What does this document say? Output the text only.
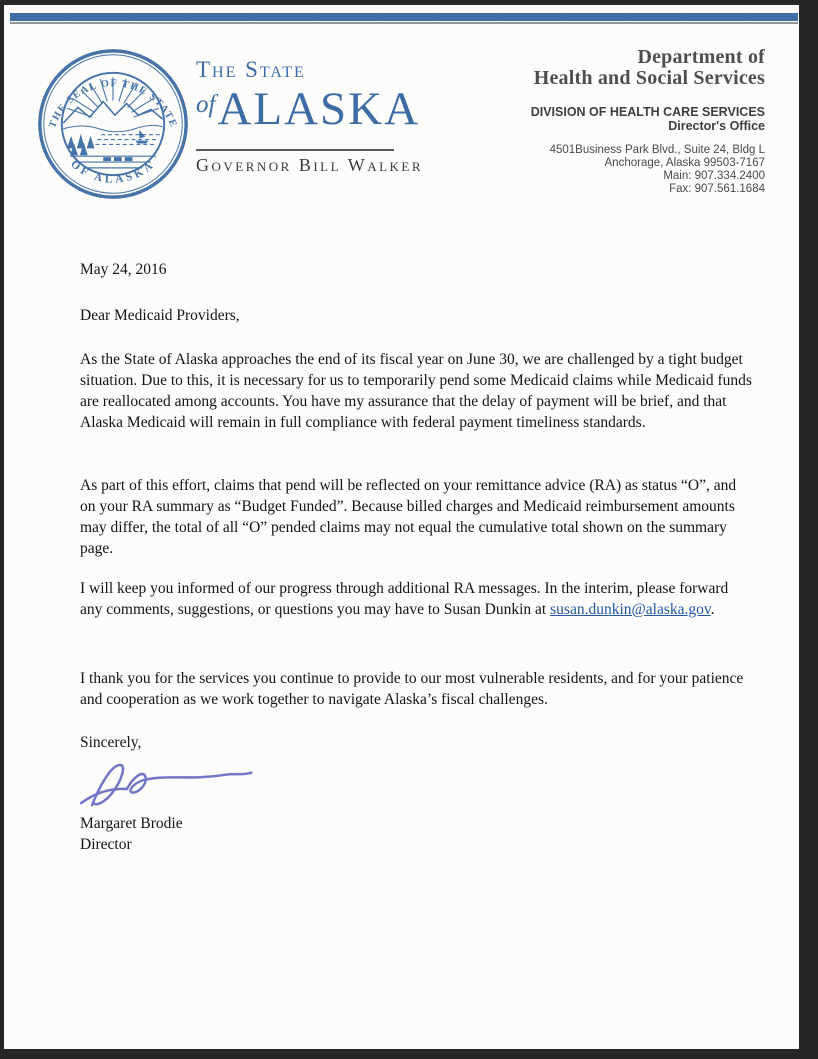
THE SEAL OF THE STATE
OF ALASKA
The State
ofALASKA
Governor Bill Walker
Department of
Health and Social Services
DIVISION OF HEALTH CARE SERVICES
Director's Office
4501Business Park Blvd., Suite 24, Bldg L
Anchorage, Alaska 99503-7167
Main: 907.334.2400
Fax: 907.561.1684
May 24, 2016
Dear Medicaid Providers,
As the State of Alaska approaches the end of its fiscal year on June 30, we are challenged by a tight budget situation. Due to this, it is necessary for us to temporarily pend some Medicaid claims while Medicaid funds are reallocated among accounts. You have my assurance that the delay of payment will be brief, and that Alaska Medicaid will remain in full compliance with federal payment timeliness standards.
As part of this effort, claims that pend will be reflected on your remittance advice (RA) as status “O”, and on your RA summary as “Budget Funded”. Because billed charges and Medicaid reimbursement amounts may differ, the total of all “O” pended claims may not equal the cumulative total shown on the summary page.
I will keep you informed of our progress through additional RA messages. In the interim, please forward any comments, suggestions, or questions you may have to Susan Dunkin at susan.dunkin@alaska.gov.
I thank you for the services you continue to provide to our most vulnerable residents, and for your patience and cooperation as we work together to navigate Alaska’s fiscal challenges.
Sincerely,
Margaret Brodie
Director
